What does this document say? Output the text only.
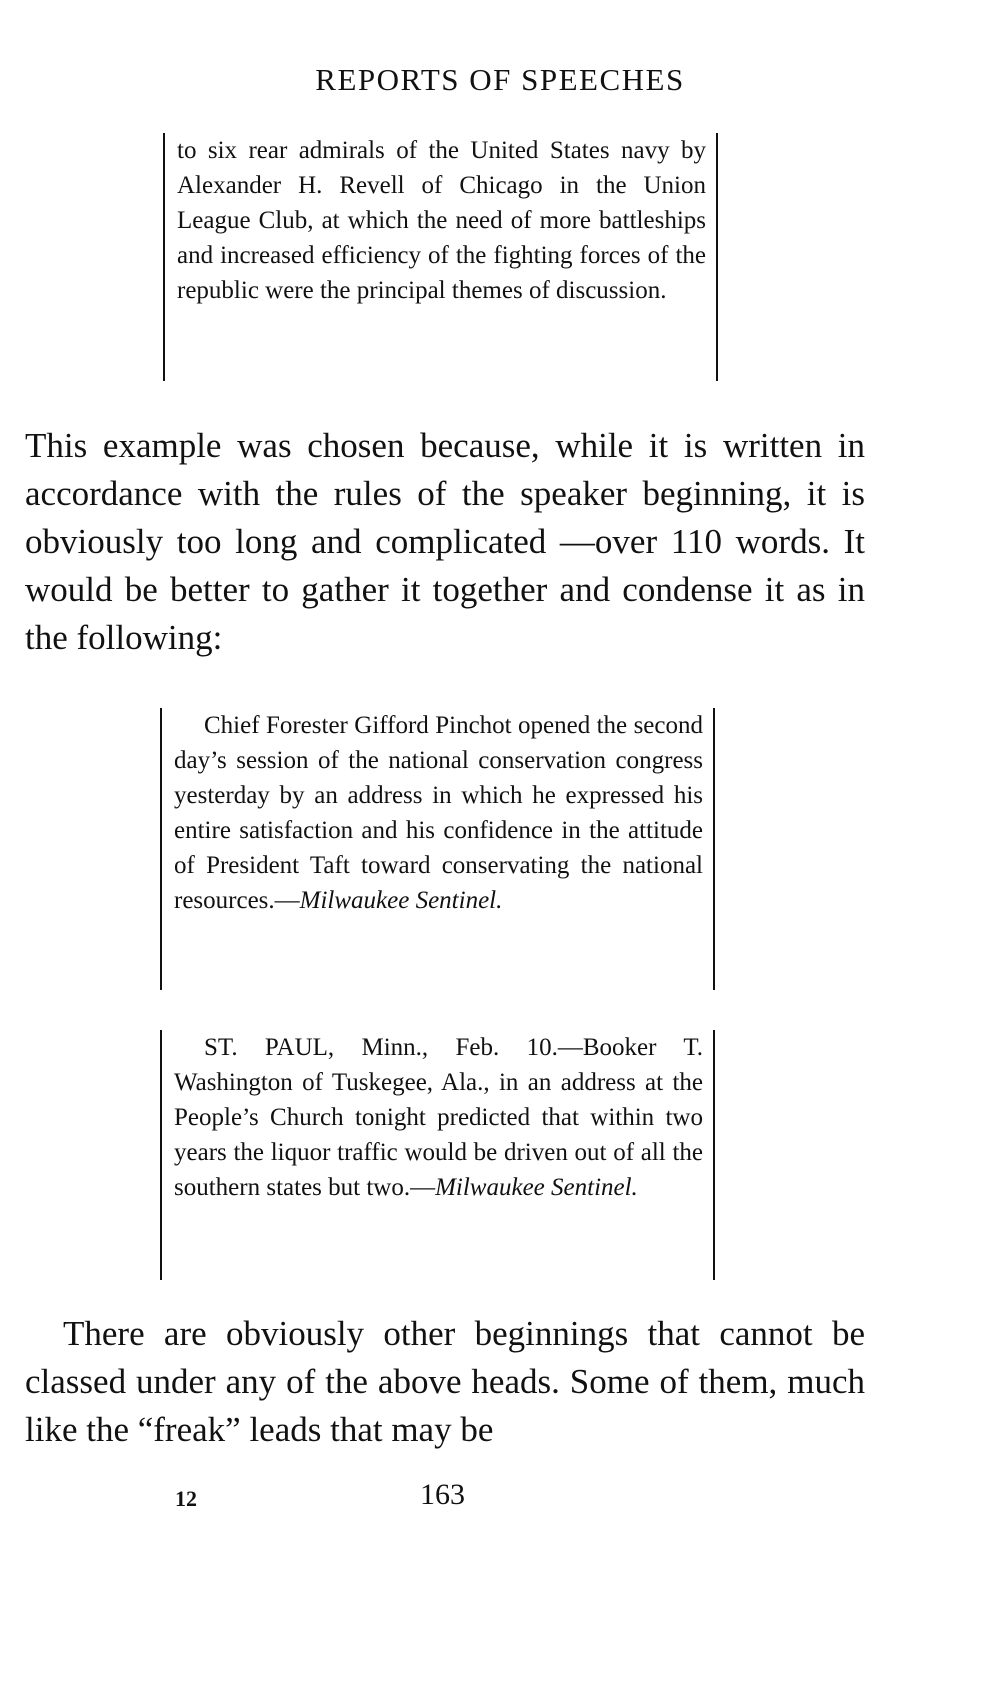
REPORTS OF SPEECHES

to six rear admirals of the United States navy by Alexander H. Revell of Chicago in the Union League Club, at which the need of more battleships and increased efficiency of the fighting forces of the republic were the principal themes of discussion.

This example was chosen because, while it is written in accordance with the rules of the speaker beginning, it is obviously too long and complicated —over 110 words. It would be better to gather it together and condense it as in the following:

Chief Forester Gifford Pinchot opened the second day’s session of the national conservation congress yesterday by an address in which he expressed his entire satisfaction and his confidence in the attitude of President Taft toward conservating the national resources.—Milwaukee Sentinel.

ST. PAUL, Minn., Feb. 10.—Booker T. Washington of Tuskegee, Ala., in an address at the People’s Church tonight predicted that within two years the liquor traffic would be driven out of all the southern states but two.—Milwaukee Sentinel.

There are obviously other beginnings that cannot be classed under any of the above heads. Some of them, much like the “freak” leads that may be
12	163
